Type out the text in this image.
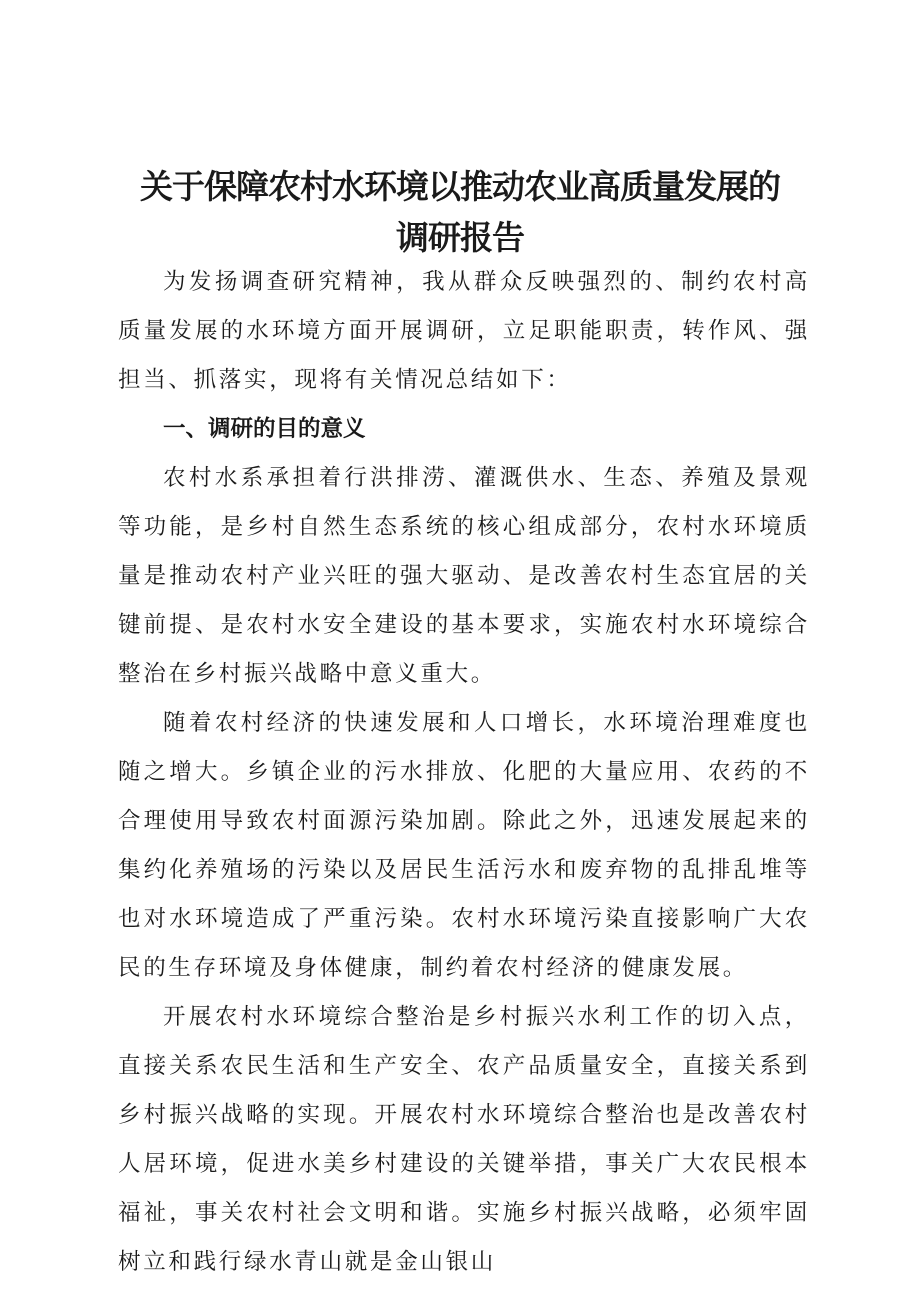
关于保障农村水环境以推动农业高质量发展的
调研报告

为发扬调查研究精神，我从群众反映强烈的、制约农村高质量发展的水环境方面开展调研，立足职能职责，转作风、强担当、抓落实，现将有关情况总结如下：

一、调研的目的意义

农村水系承担着行洪排涝、灌溉供水、生态、养殖及景观等功能，是乡村自然生态系统的核心组成部分，农村水环境质量是推动农村产业兴旺的强大驱动、是改善农村生态宜居的关键前提、是农村水安全建设的基本要求，实施农村水环境综合整治在乡村振兴战略中意义重大。

随着农村经济的快速发展和人口增长，水环境治理难度也随之增大。乡镇企业的污水排放、化肥的大量应用、农药的不合理使用导致农村面源污染加剧。除此之外，迅速发展起来的集约化养殖场的污染以及居民生活污水和废弃物的乱排乱堆等也对水环境造成了严重污染。农村水环境污染直接影响广大农民的生存环境及身体健康，制约着农村经济的健康发展。

开展农村水环境综合整治是乡村振兴水利工作的切入点，直接关系农民生活和生产安全、农产品质量安全，直接关系到乡村振兴战略的实现。开展农村水环境综合整治也是改善农村人居环境，促进水美乡村建设的关键举措，事关广大农民根本福祉，事关农村社会文明和谐。实施乡村振兴战略，必须牢固树立和践行绿水青山就是金山银山
